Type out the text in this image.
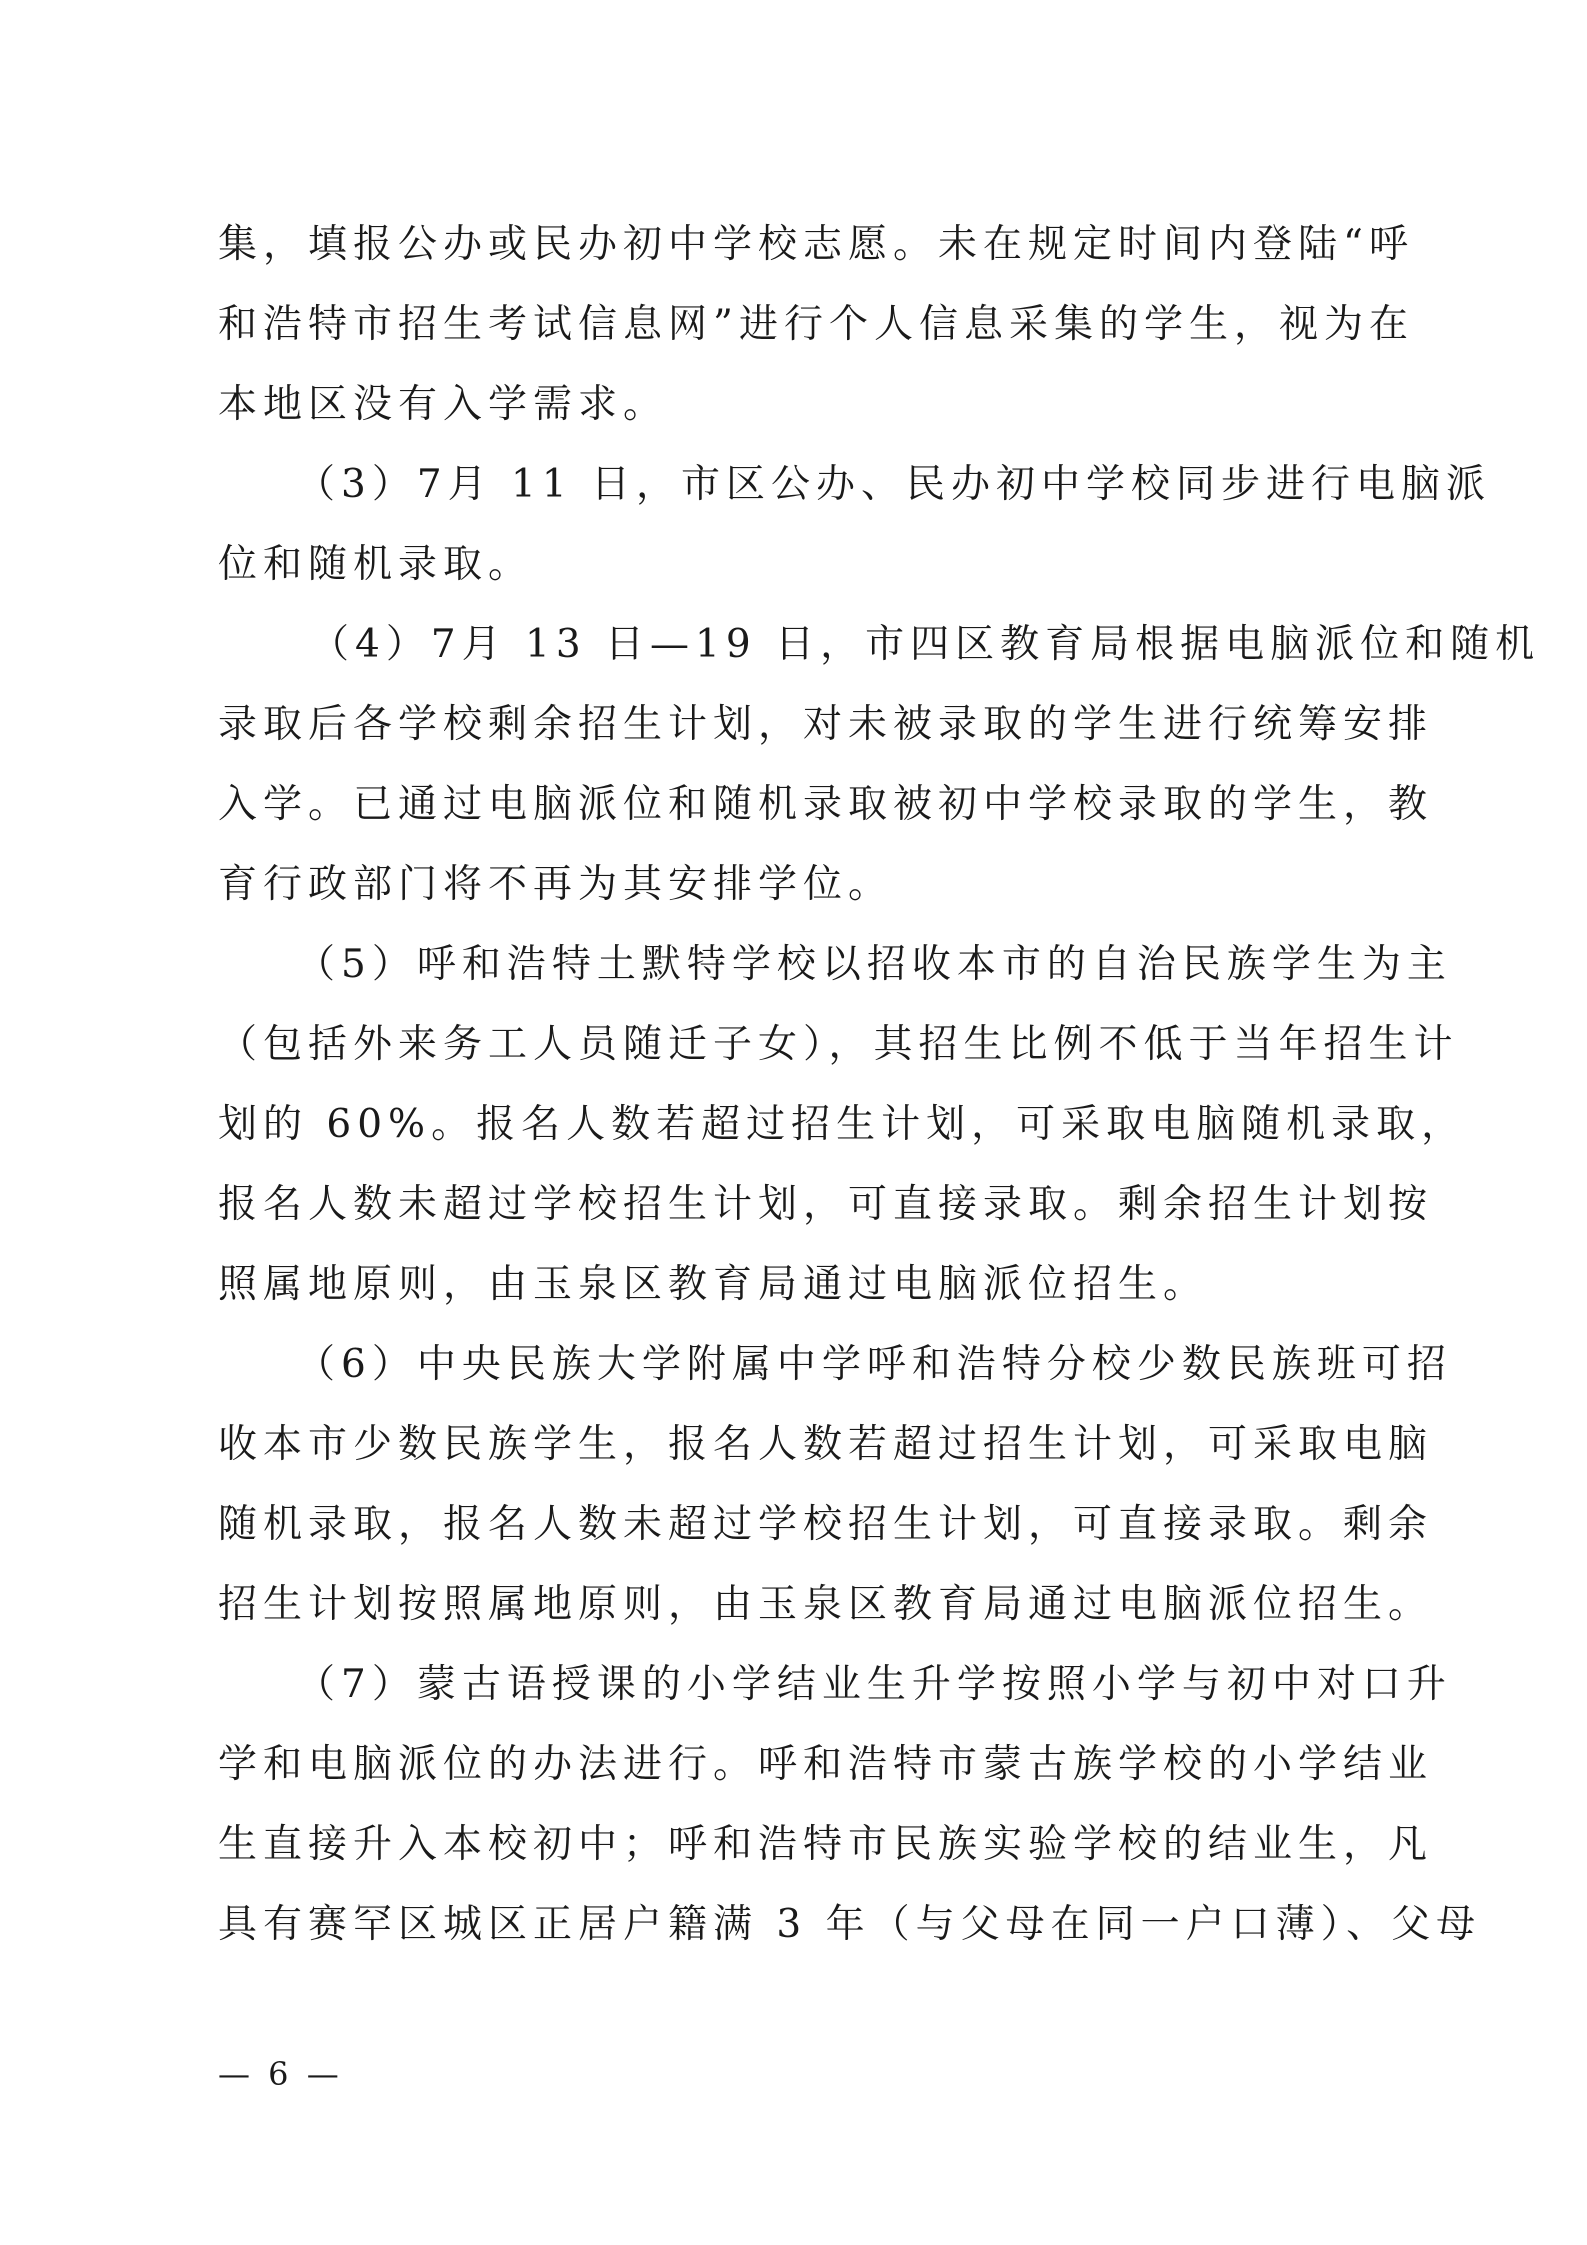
集，填报公办或民办初中学校志愿。未在规定时间内登陆“呼
和浩特市招生考试信息网”进行个人信息采集的学生，视为在
本地区没有入学需求。
（3）7月 11 日，市区公办、民办初中学校同步进行电脑派
位和随机录取。
（4）7月 13 日—19 日，市四区教育局根据电脑派位和随机
录取后各学校剩余招生计划，对未被录取的学生进行统筹安排
入学。已通过电脑派位和随机录取被初中学校录取的学生，教
育行政部门将不再为其安排学位。
（5）呼和浩特土默特学校以招收本市的自治民族学生为主
（包括外来务工人员随迁子女），其招生比例不低于当年招生计
划的 60%。报名人数若超过招生计划，可采取电脑随机录取，
报名人数未超过学校招生计划，可直接录取。剩余招生计划按
照属地原则，由玉泉区教育局通过电脑派位招生。
（6）中央民族大学附属中学呼和浩特分校少数民族班可招
收本市少数民族学生，报名人数若超过招生计划，可采取电脑
随机录取，报名人数未超过学校招生计划，可直接录取。剩余
招生计划按照属地原则，由玉泉区教育局通过电脑派位招生。
（7）蒙古语授课的小学结业生升学按照小学与初中对口升
学和电脑派位的办法进行。呼和浩特市蒙古族学校的小学结业
生直接升入本校初中；呼和浩特市民族实验学校的结业生，凡
具有赛罕区城区正居户籍满 3 年（与父母在同一户口薄）、父母
— 6 —
